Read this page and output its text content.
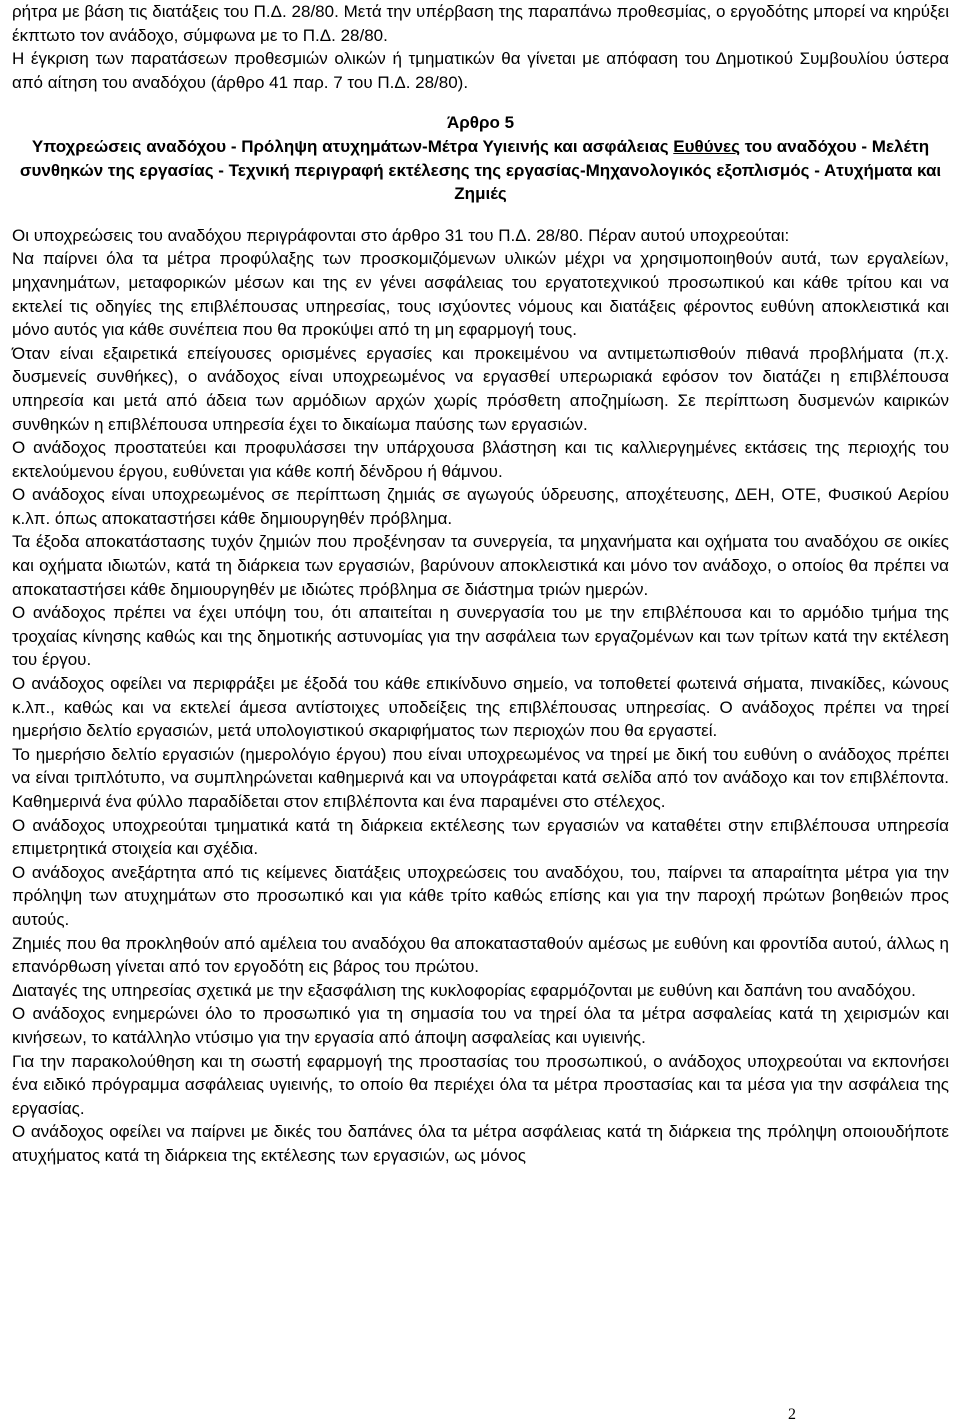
ρήτρα με βάση τις διατάξεις του Π.Δ. 28/80. Μετά την υπέρβαση της παραπάνω προθεσμίας, ο εργοδότης μπορεί να κηρύξει έκπτωτο τον ανάδοχο, σύμφωνα με το Π.Δ. 28/80.

Η έγκριση των παρατάσεων προθεσμιών ολικών ή τμηματικών θα γίνεται με απόφαση του Δημοτικού Συμβουλίου ύστερα από αίτηση του αναδόχου (άρθρο 41 παρ. 7 του Π.Δ. 28/80).

Άρθρο 5

Υποχρεώσεις αναδόχου - Πρόληψη ατυχημάτων-Μέτρα Υγιεινής και ασφάλειας Ευθύνες του αναδόχου - Μελέτη συνθηκών της εργασίας - Τεχνική περιγραφή εκτέλεσης της εργασίας-Μηχανολογικός εξοπλισμός - Ατυχήματα και Ζημιές

Οι υποχρεώσεις του αναδόχου περιγράφονται στο άρθρο 31 του Π.Δ. 28/80. Πέραν αυτού υποχρεούται:

Να παίρνει όλα τα μέτρα προφύλαξης των προσκομιζόμενων υλικών μέχρι να χρησιμοποιηθούν αυτά, των εργαλείων, μηχανημάτων, μεταφορικών μέσων και της εν γένει ασφάλειας του εργατοτεχνικού προσωπικού και κάθε τρίτου και να εκτελεί τις οδηγίες της επιβλέπουσας υπηρεσίας, τους ισχύοντες νόμους και διατάξεις φέροντος ευθύνη αποκλειστικά και μόνο αυτός για κάθε συνέπεια που θα προκύψει από τη μη εφαρμογή τους.

Όταν είναι εξαιρετικά επείγουσες ορισμένες εργασίες και προκειμένου να αντιμετωπισθούν πιθανά προβλήματα (π.χ. δυσμενείς συνθήκες), ο ανάδοχος είναι υποχρεωμένος να εργασθεί υπερωριακά εφόσον τον διατάζει η επιβλέπουσα υπηρεσία και μετά από άδεια των αρμόδιων αρχών χωρίς πρόσθετη αποζημίωση. Σε περίπτωση δυσμενών καιρικών συνθηκών η επιβλέπουσα υπηρεσία έχει το δικαίωμα παύσης των εργασιών.

Ο ανάδοχος προστατεύει και προφυλάσσει την υπάρχουσα βλάστηση και τις καλλιεργημένες εκτάσεις της περιοχής του εκτελούμενου έργου, ευθύνεται για κάθε κοπή δένδρου ή θάμνου.

Ο ανάδοχος είναι υποχρεωμένος σε περίπτωση ζημιάς σε αγωγούς ύδρευσης, αποχέτευσης, ΔΕΗ, ΟΤΕ, Φυσικού Αερίου κ.λπ. όπως αποκαταστήσει κάθε δημιουργηθέν πρόβλημα.

Τα έξοδα αποκατάστασης τυχόν ζημιών που προξένησαν τα συνεργεία, τα μηχανήματα και οχήματα του αναδόχου σε οικίες και οχήματα ιδιωτών, κατά τη διάρκεια των εργασιών, βαρύνουν αποκλειστικά και μόνο τον ανάδοχο, ο οποίος θα πρέπει να αποκαταστήσει κάθε δημιουργηθέν με ιδιώτες πρόβλημα σε διάστημα τριών ημερών.

Ο ανάδοχος πρέπει να έχει υπόψη του, ότι απαιτείται η συνεργασία του με την επιβλέπουσα και το αρμόδιο τμήμα της τροχαίας κίνησης καθώς και της δημοτικής αστυνομίας για την ασφάλεια των εργαζομένων και των τρίτων κατά την εκτέλεση του έργου.

Ο ανάδοχος οφείλει να περιφράξει με έξοδά του κάθε επικίνδυνο σημείο, να τοποθετεί φωτεινά σήματα, πινακίδες, κώνους κ.λπ., καθώς και να εκτελεί άμεσα αντίστοιχες υποδείξεις της επιβλέπουσας υπηρεσίας. Ο ανάδοχος πρέπει να τηρεί ημερήσιο δελτίο εργασιών, μετά υπολογιστικού σκαριφήματος των περιοχών που θα εργαστεί.

Το ημερήσιο δελτίο εργασιών (ημερολόγιο έργου) που είναι υποχρεωμένος να τηρεί με δική του ευθύνη ο ανάδοχος πρέπει να είναι τριπλότυπο, να συμπληρώνεται καθημερινά και να υπογράφεται κατά σελίδα από τον ανάδοχο και τον επιβλέποντα. Καθημερινά ένα φύλλο παραδίδεται στον επιβλέποντα και ένα παραμένει στο στέλεχος.

Ο ανάδοχος υποχρεούται τμηματικά κατά τη διάρκεια εκτέλεσης των εργασιών να καταθέτει στην επιβλέπουσα υπηρεσία επιμετρητικά στοιχεία και σχέδια.

Ο ανάδοχος ανεξάρτητα από τις κείμενες διατάξεις υποχρεώσεις του αναδόχου, του, παίρνει τα απαραίτητα μέτρα για την πρόληψη των ατυχημάτων στο προσωπικό και για κάθε τρίτο καθώς επίσης και για την παροχή πρώτων βοηθειών προς αυτούς.

Ζημιές που θα προκληθούν από αμέλεια του αναδόχου θα αποκατασταθούν αμέσως με ευθύνη και φροντίδα αυτού, άλλως η επανόρθωση γίνεται από τον εργοδότη εις βάρος του πρώτου.

Διαταγές της υπηρεσίας σχετικά με την εξασφάλιση της κυκλοφορίας εφαρμόζονται με ευθύνη και δαπάνη του αναδόχου.

Ο ανάδοχος ενημερώνει όλο το προσωπικό για τη σημασία του να τηρεί όλα τα μέτρα ασφαλείας κατά τη χειρισμών και κινήσεων, το κατάλληλο ντύσιμο για την εργασία από άποψη ασφαλείας και υγιεινής.

Για την παρακολούθηση και τη σωστή εφαρμογή της προστασίας του προσωπικού, ο ανάδοχος υποχρεούται να εκπονήσει ένα ειδικό πρόγραμμα ασφάλειας υγιεινής, το οποίο θα περιέχει όλα τα μέτρα προστασίας και τα μέσα για την ασφάλεια της εργασίας.

Ο ανάδοχος οφείλει να παίρνει με δικές του δαπάνες όλα τα μέτρα ασφάλειας κατά τη διάρκεια της πρόληψη οποιουδήποτε ατυχήματος κατά τη διάρκεια της εκτέλεσης των εργασιών, ως μόνος

2
